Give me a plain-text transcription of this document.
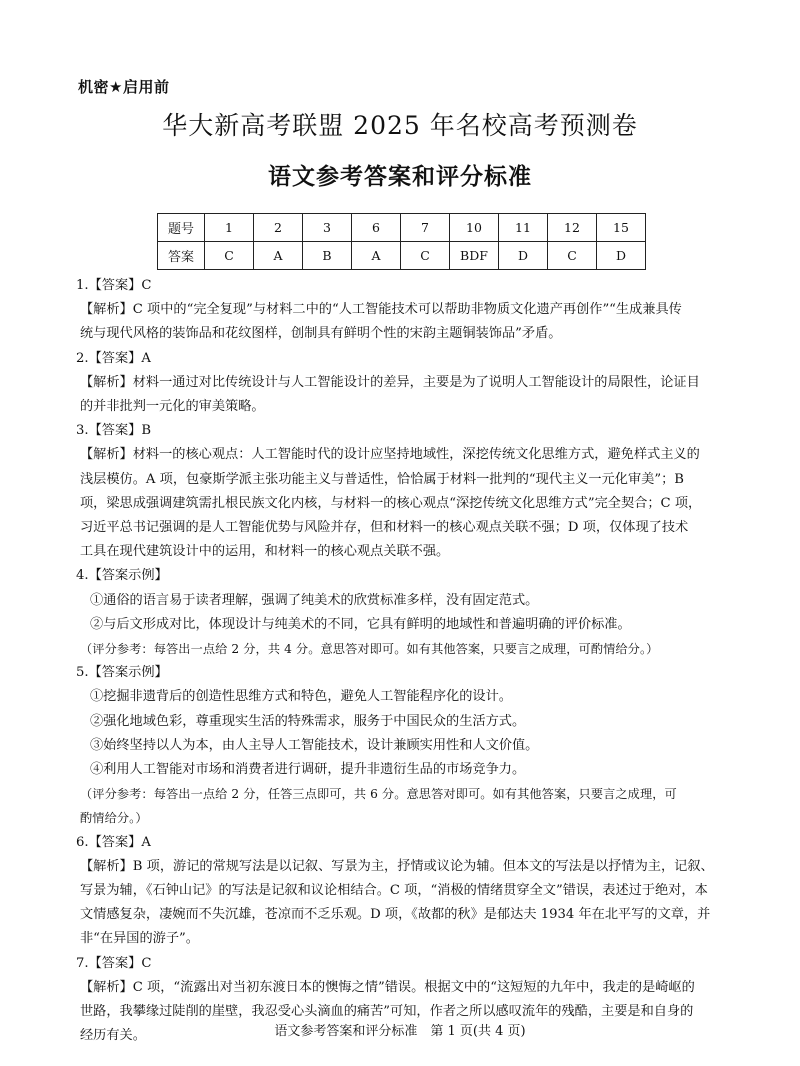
机密★启用前
华大新高考联盟 2025 年名校高考预测卷
语文参考答案和评分标准
题号	1	2	3	6	7	10	11	12	15
答案	C	A	B	A	C	BDF	D	C	D

1.【答案】C

【解析】C 项中的“完全复现”与材料二中的“人工智能技术可以帮助非物质文化遗产再创作”“生成兼具传

统与现代风格的装饰品和花纹图样，创制具有鲜明个性的宋韵主题铜装饰品”矛盾。

2.【答案】A

【解析】材料一通过对比传统设计与人工智能设计的差异，主要是为了说明人工智能设计的局限性，论证目

的并非批判一元化的审美策略。

3.【答案】B

【解析】材料一的核心观点：人工智能时代的设计应坚持地域性，深挖传统文化思维方式，避免样式主义的

浅层模仿。A 项，包豪斯学派主张功能主义与普适性，恰恰属于材料一批判的“现代主义一元化审美”；B

项，梁思成强调建筑需扎根民族文化内核，与材料一的核心观点“深挖传统文化思维方式”完全契合；C 项，

习近平总书记强调的是人工智能优势与风险并存，但和材料一的核心观点关联不强；D 项，仅体现了技术

工具在现代建筑设计中的运用，和材料一的核心观点关联不强。

4.【答案示例】

①通俗的语言易于读者理解，强调了纯美术的欣赏标准多样，没有固定范式。

②与后文形成对比，体现设计与纯美术的不同，它具有鲜明的地域性和普遍明确的评价标准。

（评分参考：每答出一点给 2 分，共 4 分。意思答对即可。如有其他答案，只要言之成理，可酌情给分。）

5.【答案示例】

①挖掘非遗背后的创造性思维方式和特色，避免人工智能程序化的设计。

②强化地域色彩，尊重现实生活的特殊需求，服务于中国民众的生活方式。

③始终坚持以人为本，由人主导人工智能技术，设计兼顾实用性和人文价值。

④利用人工智能对市场和消费者进行调研，提升非遗衍生品的市场竞争力。

（评分参考：每答出一点给 2 分，任答三点即可，共 6 分。意思答对即可。如有其他答案，只要言之成理，可

酌情给分。）

6.【答案】A

【解析】B 项，游记的常规写法是以记叙、写景为主，抒情或议论为辅。但本文的写法是以抒情为主，记叙、

写景为辅，《石钟山记》的写法是记叙和议论相结合。C 项，“消极的情绪贯穿全文”错误，表述过于绝对，本

文情感复杂，凄婉而不失沉雄，苍凉而不乏乐观。D 项，《故都的秋》是郁达夫 1934 年在北平写的文章，并

非“在异国的游子”。

7.【答案】C

【解析】C 项，“流露出对当初东渡日本的懊悔之情”错误。根据文中的“这短短的九年中，我走的是崎岖的

世路，我攀缘过陡削的崖壁，我忍受心头滴血的痛苦”可知，作者之所以感叹流年的残酷，主要是和自身的

经历有关。	语文参考答案和评分标准　第 1 页(共 4 页)
